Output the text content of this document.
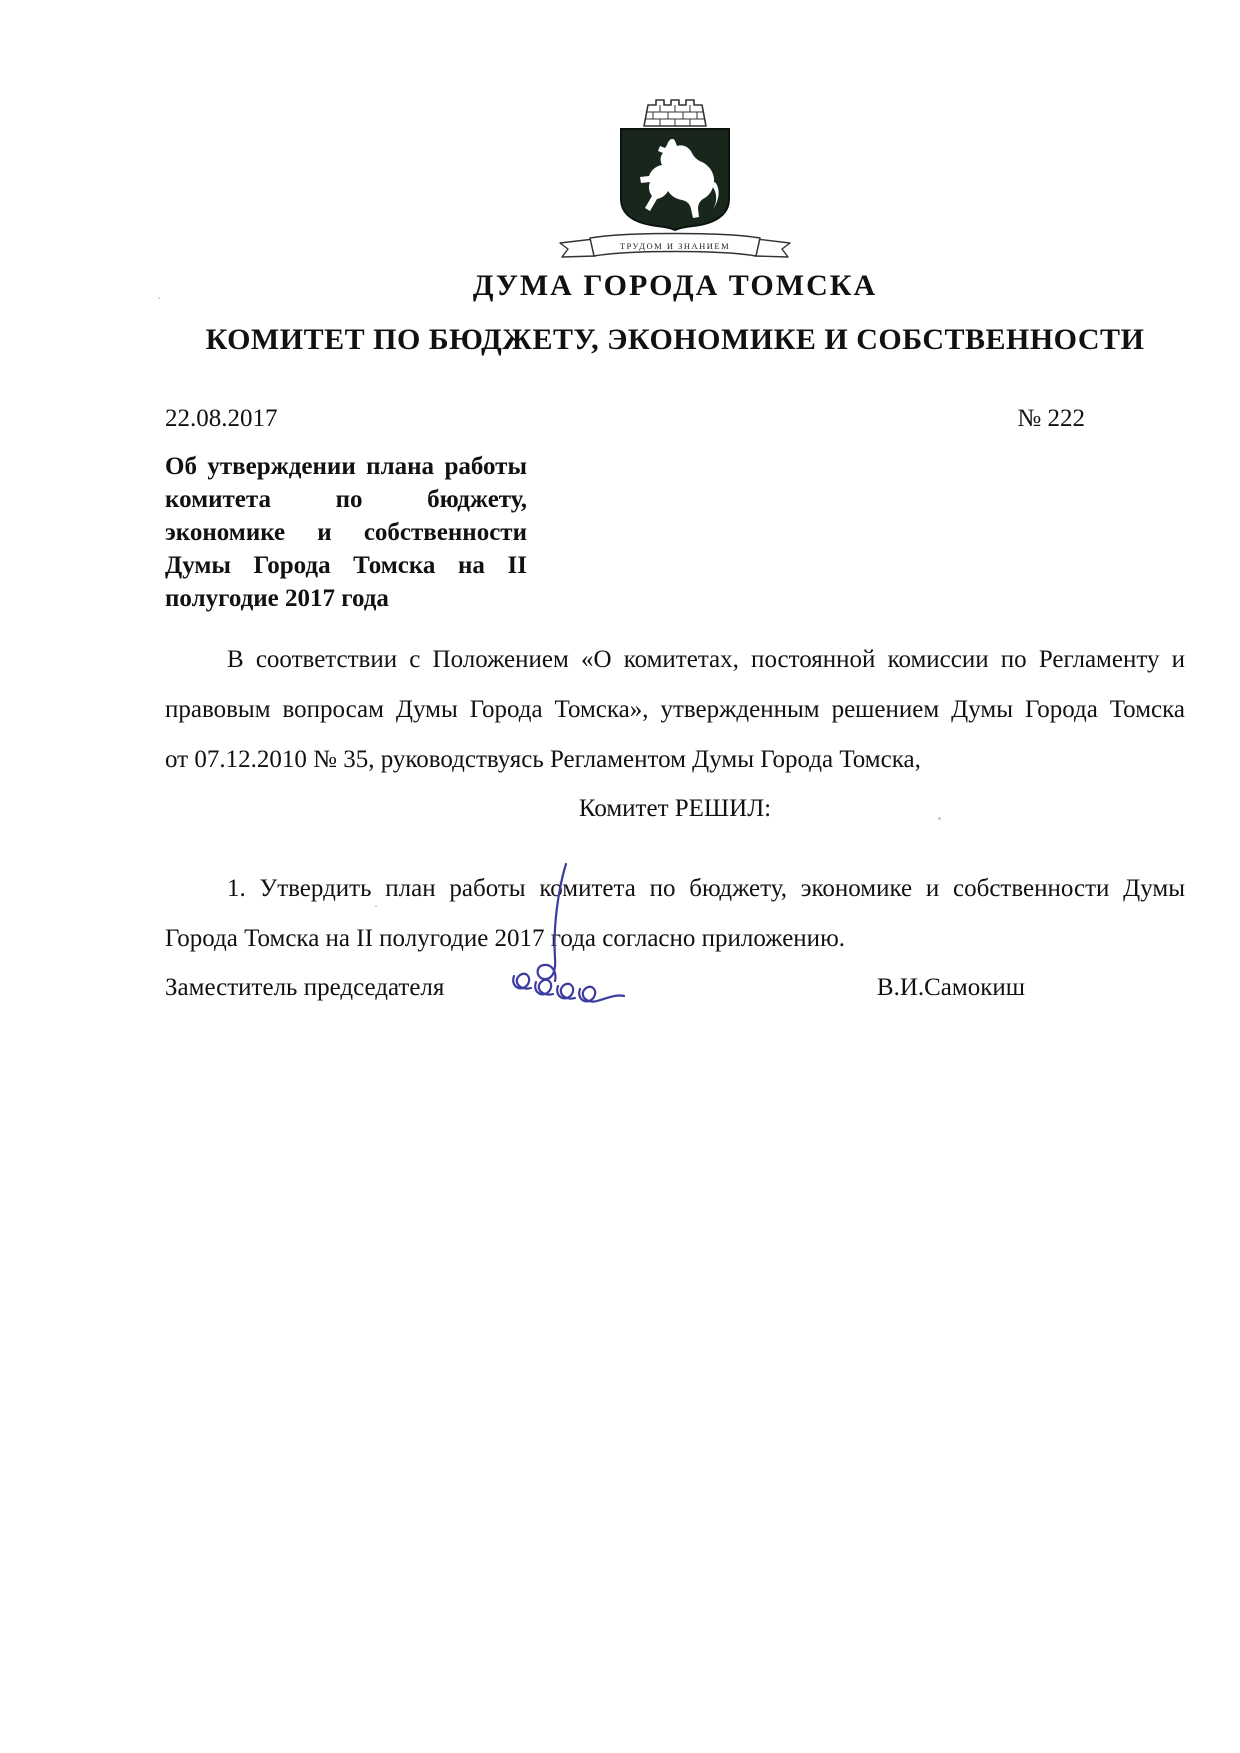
ТРУДОМ И ЗНАНИЕМ
ДУМА ГОРОДА ТОМСКА
КОМИТЕТ ПО БЮДЖЕТУ, ЭКОНОМИКЕ И СОБСТВЕННОСТИ
22.08.2017	№ 222
Об утверждении плана работы
комитета по бюджету,
экономике и собственности
Думы Города Томска на II
полугодие 2017 года
В соответствии с Положением «О комитетах, постоянной комиссии по Регламенту и
правовым вопросам Думы Города Томска», утвержденным решением Думы Города Томска
от 07.12.2010 № 35, руководствуясь Регламентом Думы Города Томска,
Комитет РЕШИЛ:
1. Утвердить план работы комитета по бюджету, экономике и собственности Думы
Города Томска на II полугодие 2017 года согласно приложению.
Заместитель председателя	В.И.Самокиш
